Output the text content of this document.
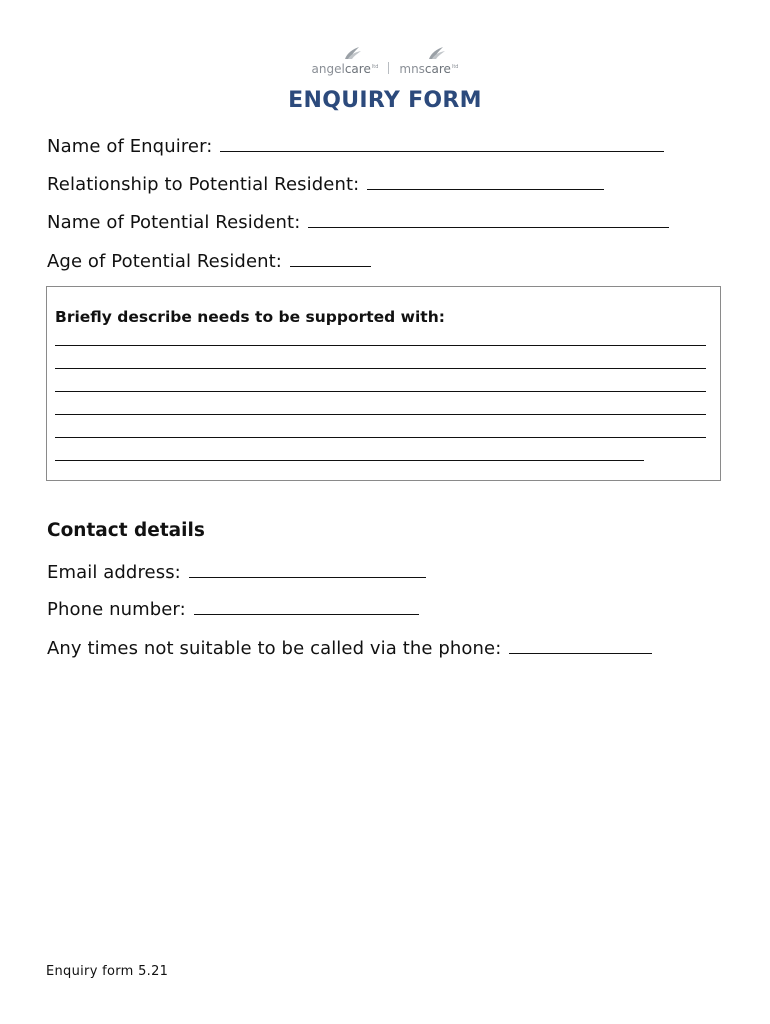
angelcare$^{ltd}$ mnscare$^{ltd}$
ENQUIRY FORM
Name of Enquirer:
Relationship to Potential Resident:
Name of Potential Resident:
Age of Potential Resident:
Briefly describe needs to be supported with:
Contact details
Email address:
Phone number:
Any times not suitable to be called via the phone:
Enquiry form 5.21
